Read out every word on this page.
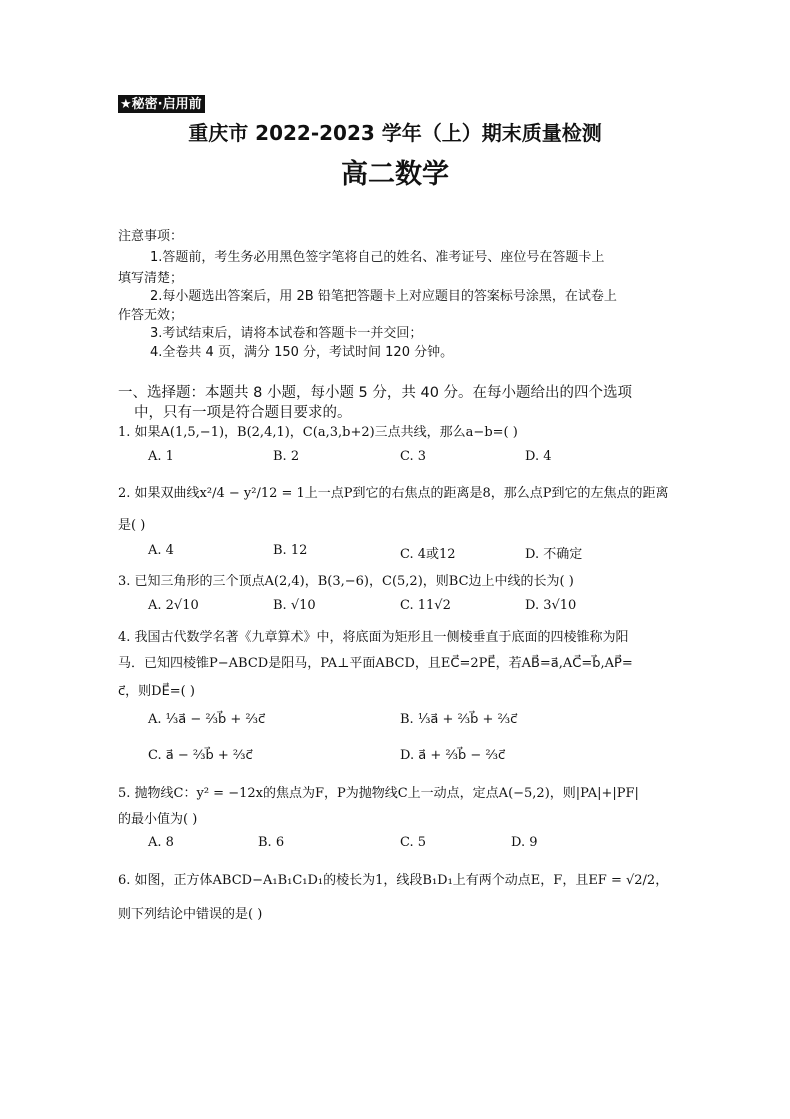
★秘密·启用前
重庆市 2022-2023 学年（上）期末质量检测
高二数学
注意事项：
1.答题前，考生务必用黑色签字笔将自己的姓名、准考证号、座位号在答题卡上
填写清楚；
2.每小题选出答案后，用 2B 铅笔把答题卡上对应题目的答案标号涂黑，在试卷上
作答无效；
3.考试结束后，请将本试卷和答题卡一并交回；
4.全卷共 4 页，满分 150 分，考试时间 120 分钟。
一、选择题：本题共 8 小题，每小题 5 分，共 40 分。在每小题给出的四个选项
中，只有一项是符合题目要求的。
1. 如果A(1,5,−1)，B(2,4,1)，C(a,3,b+2)三点共线，那么a−b=( )
A. 1	B. 2	C. 3	D. 4
2. 如果双曲线x²/4 − y²/12 = 1上一点P到它的右焦点的距离是8，那么点P到它的左焦点的距离
是( )
A. 4	B. 12	C. 4或12	D. 不确定
3. 已知三角形的三个顶点A(2,4)，B(3,−6)，C(5,2)，则BC边上中线的长为( )
A. 2√10	B. √10	C. 11√2	D. 3√10
4. 我国古代数学名著《九章算术》中，将底面为矩形且一侧棱垂直于底面的四棱锥称为阳
马．已知四棱锥P−ABCD是阳马，PA⊥平面ABCD，且EC⃗=2PE⃗，若AB⃗=a⃗,AC⃗=b⃗,AP⃗=
c⃗，则DE⃗=( )
A. ⅓a⃗ − ⅔b⃗ + ⅔c⃗	B. ⅓a⃗ + ⅔b⃗ + ⅔c⃗
C. a⃗ − ⅔b⃗ + ⅔c⃗	D. a⃗ + ⅔b⃗ − ⅔c⃗
5. 抛物线C：y² = −12x的焦点为F，P为抛物线C上一动点，定点A(−5,2)，则|PA|+|PF|
的最小值为( )
A. 8	B. 6	C. 5	D. 9
6. 如图，正方体ABCD−A₁B₁C₁D₁的棱长为1，线段B₁D₁上有两个动点E，F，且EF = √2/2，
则下列结论中错误的是( )
